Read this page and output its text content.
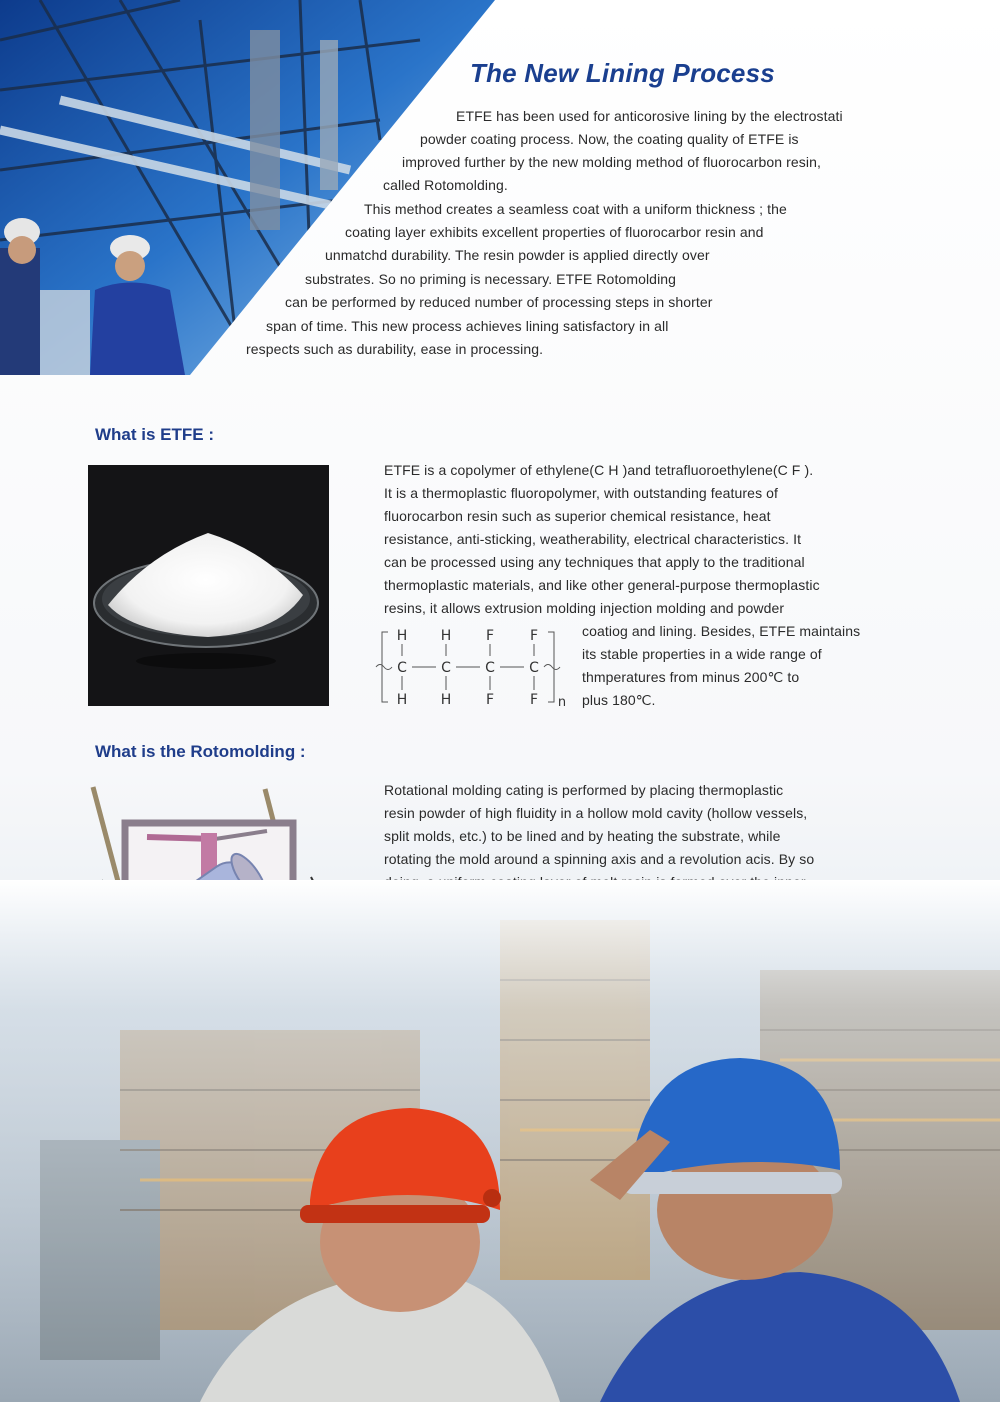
The New Lining Process
ETFE has been used for anticorosive lining by the electrostati
powder coating process. Now, the coating quality of ETFE is
improved further by the new molding method of fluorocarbon resin,
called Rotomolding.
This method creates a seamless coat with a uniform thickness ; the
coating layer exhibits excellent properties of fluorocarbor resin and
unmatchd durability. The resin powder is applied directly over
substrates. So no priming is necessary. ETFE Rotomolding
can be performed by reduced number of processing steps in shorter
span of time. This new process achieves lining satisfactory in all
respects such as durability, ease in processing.
What is ETFE :
ETFE is a copolymer of ethylene(C H )and tetrafluoroethylene(C F ).
It is a thermoplastic fluoropolymer, with outstanding features of
fluorocarbon resin such as superior chemical resistance, heat
resistance, anti-sticking, weatherability, electrical characteristics. It
can be processed using any techniques that apply to the traditional
thermoplastic materials, and like other general-purpose thermoplastic
resins, it allows extrusion molding injection molding and powder
coatiog and lining. Besides, ETFE maintains
its stable properties in a wide range of
thmperatures from minus 200℃ to
plus 180℃.
H H F	F
C C C C
H H F	F n
What is the Rotomolding :
Rotational molding cating is performed by placing thermoplastic
resin powder of high fluidity in a hollow mold cavity (hollow vessels,
split molds, etc.) to be lined and by heating the substrate, while
rotating the mold around a spinning axis and a revolution acis. By so
